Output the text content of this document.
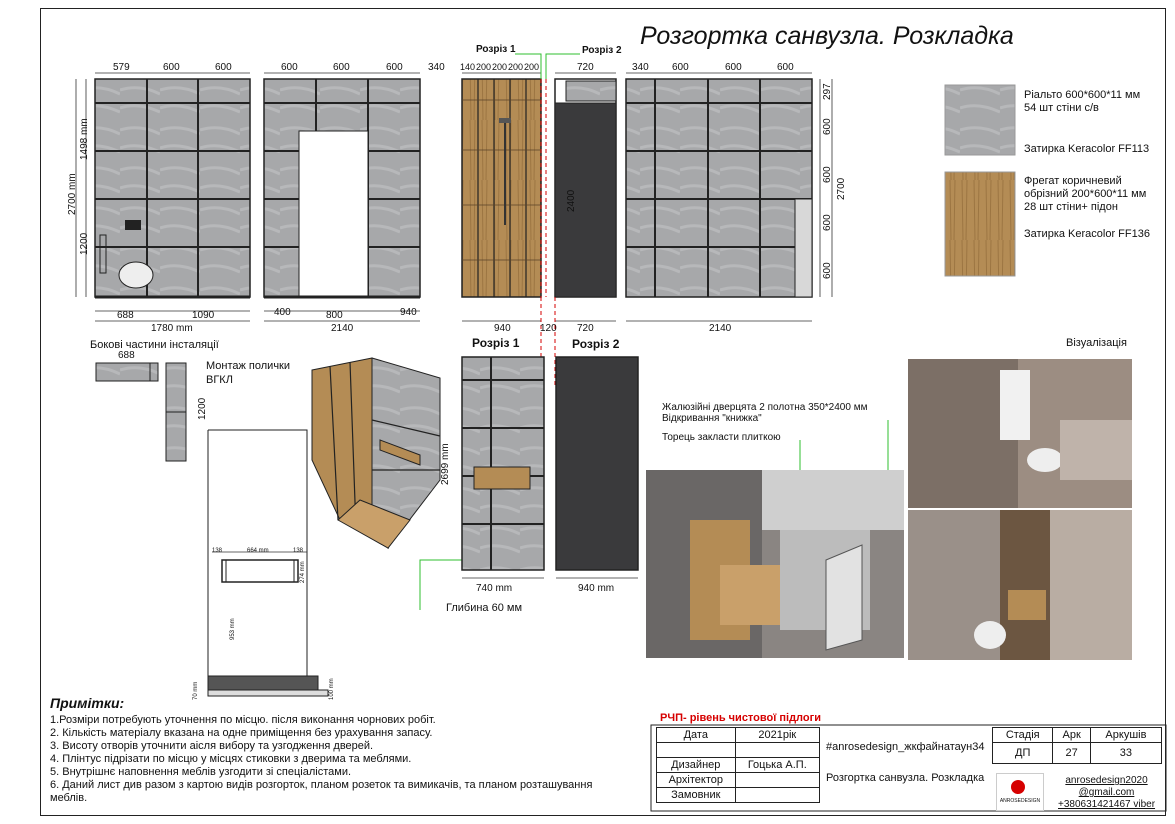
Розгортка санвузла. Розкладка
Розріз 1	Розріз 2
579	600	600	600	600	600	340 140 200 200 200 200	720	340 600	600	600
688	1090
1780 mm
400	800	940
2140	940	120 720	2140
1498 mm
1200
2700 mm
297
600
600
600
600
2700
2400
Розріз 1	Розріз 2
2699 mm
740 mm	940 mm
Бокові частини інсталяції
688
1200
Монтаж полички
ВГКЛ
138	664 mm	138
274 mm
953 mm
70 mm	100 mm
Глибина 60 мм
Жалюзійні дверцята 2 полотна 350*2400 мм
Відкривання "книжка"
Торець закласти плиткою
Візуалізація
Ріальто 600*600*11 мм
54 шт стіни с/в
Затирка Keracolor FF113
Фрегат коричневий
обрізний 200*600*11 мм
28 шт стіни+ підон
Затирка Keracolor FF136
Примітки:
1.Розміри потребують уточнення по місцю. після виконання чорнових робіт.
2. Кількість матеріалу вказана на одне приміщення без урахування запасу.
3. Висоту отворів уточнити аісля вибору та узгодження дверей.
4. Плінтус підрізати по місцю у місцях стиковки з дверима та меблями.
5. Внутрішнє наповнення меблів узгодити зі спеціалістами.
6. Даний лист див разом з картою видів розгорток, планом розеток та вимикачів, та планом розташування
меблів.
РЧП- рівень чистової підлоги
Дата	2021рік

Дизайнер	Гоцька А.П.
Архітектор	
Замовник	
#anrosedesign_жкфайнатаун34
Розгортка санвузла. Розкладка
Стадія	Арк	Аркушів
ДП	27	33
ANROSEDESIGN
anrosedesign2020
@gmail.com
+380631421467 viber
